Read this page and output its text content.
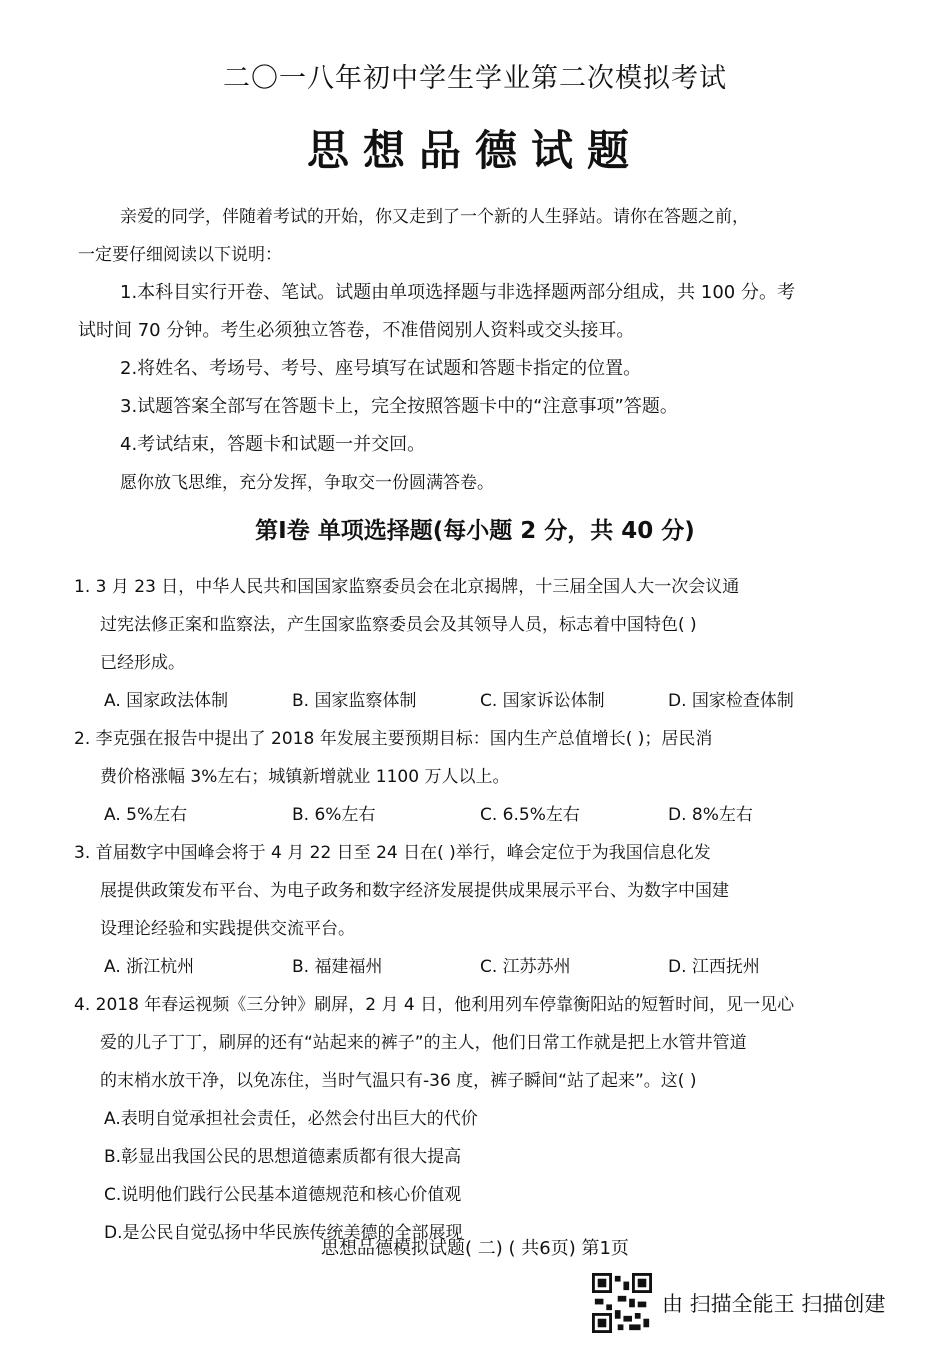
二〇一八年初中学生学业第二次模拟考试
思想品德试题

亲爱的同学，伴随着考试的开始，你又走到了一个新的人生驿站。请你在答题之前，

一定要仔细阅读以下说明：

1.本科目实行开卷、笔试。试题由单项选择题与非选择题两部分组成，共 100 分。考

试时间 70 分钟。考生必须独立答卷，不准借阅别人资料或交头接耳。

2.将姓名、考场号、考号、座号填写在试题和答题卡指定的位置。

3.试题答案全部写在答题卡上，完全按照答题卡中的“注意事项”答题。

4.考试结束，答题卡和试题一并交回。

愿你放飞思维，充分发挥，争取交一份圆满答卷。

第Ⅰ卷 单项选择题(每小题 2 分，共 40 分)

1. 3 月 23 日，中华人民共和国国家监察委员会在北京揭牌，十三届全国人大一次会议通

过宪法修正案和监察法，产生国家监察委员会及其领导人员，标志着中国特色( )

已经形成。

A. 国家政法体制	B. 国家监察体制	C. 国家诉讼体制	D. 国家检查体制

2. 李克强在报告中提出了 2018 年发展主要预期目标：国内生产总值增长( )；居民消

费价格涨幅 3%左右；城镇新增就业 1100 万人以上。

A. 5%左右	B. 6%左右	C. 6.5%左右	D. 8%左右

3. 首届数字中国峰会将于 4 月 22 日至 24 日在( )举行，峰会定位于为我国信息化发

展提供政策发布平台、为电子政务和数字经济发展提供成果展示平台、为数字中国建

设理论经验和实践提供交流平台。

A. 浙江杭州	B. 福建福州	C. 江苏苏州	D. 江西抚州

4. 2018 年春运视频《三分钟》刷屏，2 月 4 日，他利用列车停靠衡阳站的短暂时间，见一见心

爱的儿子丁丁，刷屏的还有“站起来的裤子”的主人，他们日常工作就是把上水管井管道

的末梢水放干净，以免冻住，当时气温只有-36 度，裤子瞬间“站了起来”。这( )

A.表明自觉承担社会责任，必然会付出巨大的代价
B.彰显出我国公民的思想道德素质都有很大提高
C.说明他们践行公民基本道德规范和核心价值观
D.是公民自觉弘扬中华民族传统美德的全部展现
思想品德模拟试题( 二) ( 共6页) 第1页
由 扫描全能王 扫描创建
